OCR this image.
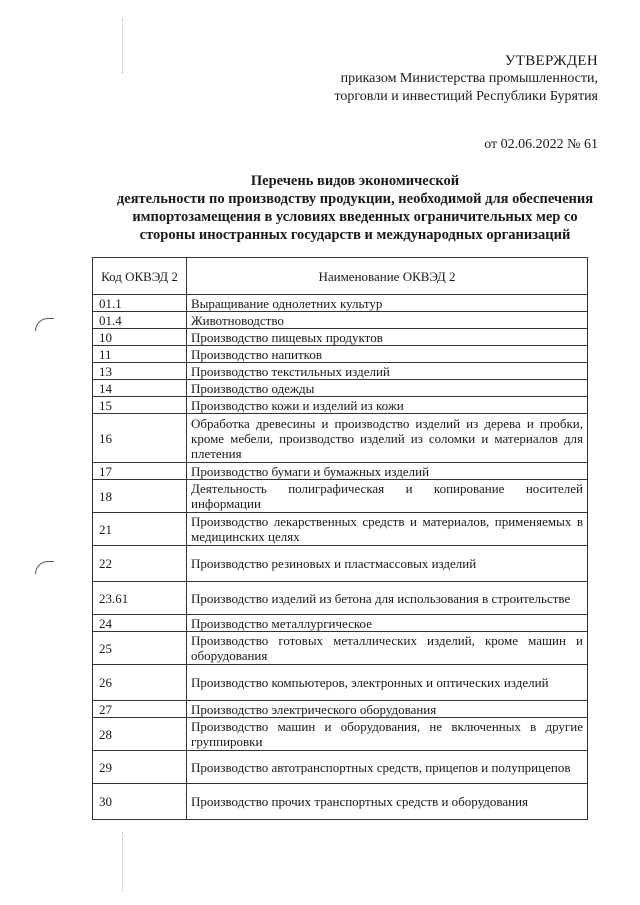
УТВЕРЖДЕН
приказом Министерства промышленности,
торговли и инвестиций Республики Бурятия
от 02.06.2022 № 61
Перечень видов экономической
деятельности по производству продукции, необходимой для обеспечения
импортозамещения в условиях введенных ограничительных мер со
стороны иностранных государств и международных организаций
Код ОКВЭД 2	Наименование ОКВЭД 2
01.1	Выращивание однолетних культур
01.4	Животноводство
10	Производство пищевых продуктов
11	Производство напитков
13	Производство текстильных изделий
14	Производство одежды
15	Производство кожи и изделий из кожи
16	Обработка древесины и производство изделий из дерева и пробки, кроме мебели, производство изделий из соломки и материалов для плетения
17	Производство бумаги и бумажных изделий
18	Деятельность полиграфическая и копирование носителей информации
21	Производство лекарственных средств и материалов, применяемых в медицинских целях
22	Производство резиновых и пластмассовых изделий
23.61	Производство изделий из бетона для использования в строительстве
24	Производство металлургическое
25	Производство готовых металлических изделий, кроме машин и оборудования
26	Производство компьютеров, электронных и оптических изделий
27	Производство электрического оборудования
28	Производство машин и оборудования, не включенных в другие группировки
29	Производство автотранспортных средств, прицепов и полуприцепов
30	Производство прочих транспортных средств и оборудования
